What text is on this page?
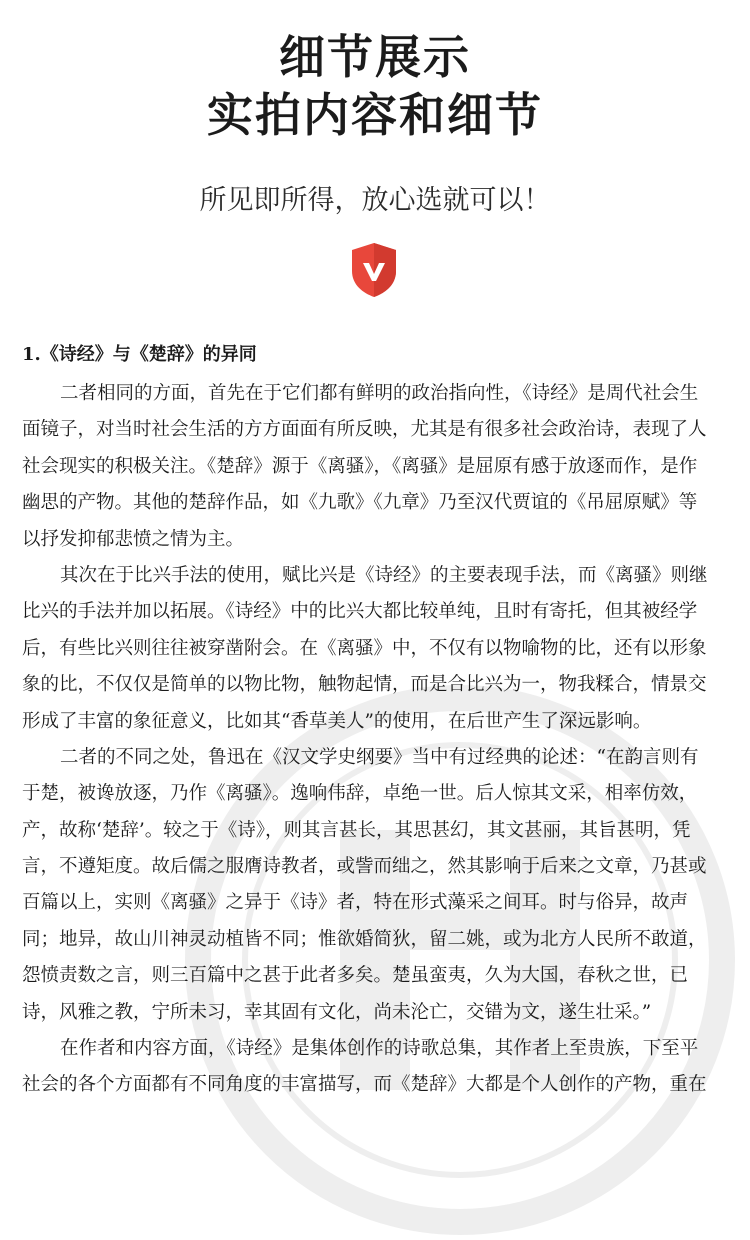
细节展示
实拍内容和细节
所见即所得，放心选就可以！
1.《诗经》与《楚辞》的异同
二者相同的方面，首先在于它们都有鲜明的政治指向性，《诗经》是周代社会生
面镜子，对当时社会生活的方方面面有所反映，尤其是有很多社会政治诗，表现了人
社会现实的积极关注。《楚辞》源于《离骚》，《离骚》是屈原有感于放逐而作，是作
幽思的产物。其他的楚辞作品，如《九歌》《九章》乃至汉代贾谊的《吊屈原赋》等
以抒发抑郁悲愤之情为主。
其次在于比兴手法的使用，赋比兴是《诗经》的主要表现手法，而《离骚》则继
比兴的手法并加以拓展。《诗经》中的比兴大都比较单纯，且时有寄托，但其被经学
后，有些比兴则往往被穿凿附会。在《离骚》中，不仅有以物喻物的比，还有以形象
象的比，不仅仅是简单的以物比物，触物起情，而是合比兴为一，物我糅合，情景交
形成了丰富的象征意义，比如其“香草美人”的使用，在后世产生了深远影响。
二者的不同之处，鲁迅在《汉文学史纲要》当中有过经典的论述：“在韵言则有
于楚，被谗放逐，乃作《离骚》。逸响伟辞，卓绝一世。后人惊其文采，相率仿效，
产，故称‘楚辞’。较之于《诗》，则其言甚长，其思甚幻，其文甚丽，其旨甚明，凭
言，不遵矩度。故后儒之服膺诗教者，或訾而绌之，然其影响于后来之文章，乃甚或
百篇以上，实则《离骚》之异于《诗》者，特在形式藻采之间耳。时与俗异，故声
同；地异，故山川神灵动植皆不同；惟欲婚简狄，留二姚，或为北方人民所不敢道，
怨愤责数之言，则三百篇中之甚于此者多矣。楚虽蛮夷，久为大国，春秋之世，已
诗，风雅之教，宁所未习，幸其固有文化，尚未沦亡，交错为文，遂生壮采。”
在作者和内容方面，《诗经》是集体创作的诗歌总集，其作者上至贵族，下至平
社会的各个方面都有不同角度的丰富描写，而《楚辞》大都是个人创作的产物，重在
